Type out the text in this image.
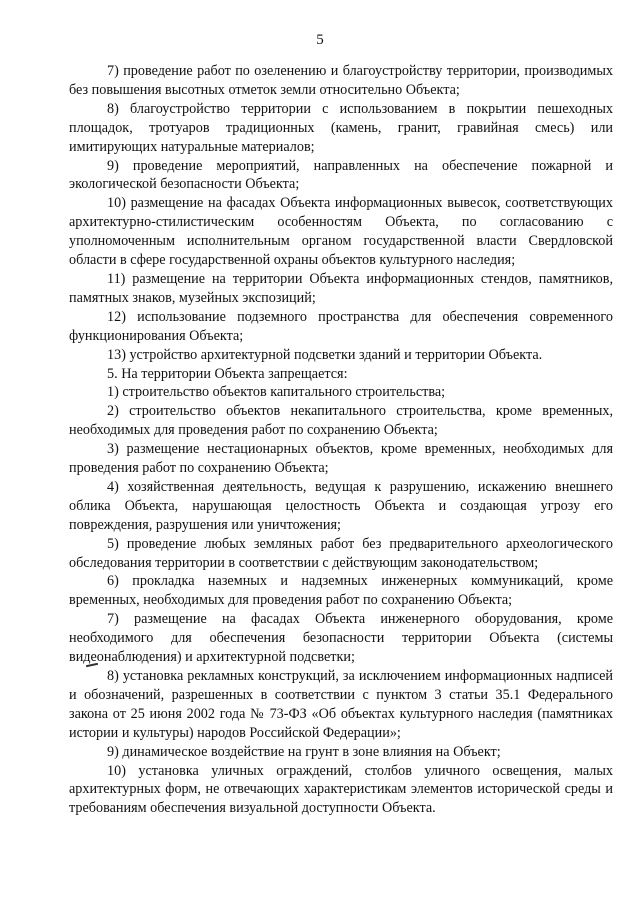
5

7) проведение работ по озеленению и благоустройству территории, производимых без повышения высотных отметок земли относительно Объекта;

8) благоустройство территории с использованием в покрытии пешеходных площадок, тротуаров традиционных (камень, гранит, гравийная смесь) или имитирующих натуральные материалов;

9) проведение мероприятий, направленных на обеспечение пожарной и экологической безопасности Объекта;

10) размещение на фасадах Объекта информационных вывесок, соответствующих архитектурно-стилистическим особенностям Объекта, по согласованию с уполномоченным исполнительным органом государственной власти Свердловской области в сфере государственной охраны объектов культурного наследия;

11) размещение на территории Объекта информационных стендов, памятников, памятных знаков, музейных экспозиций;

12) использование подземного пространства для обеспечения современного функционирования Объекта;

13) устройство архитектурной подсветки зданий и территории Объекта.

5. На территории Объекта запрещается:

1) строительство объектов капитального строительства;

2) строительство объектов некапитального строительства, кроме временных, необходимых для проведения работ по сохранению Объекта;

3) размещение нестационарных объектов, кроме временных, необходимых для проведения работ по сохранению Объекта;

4) хозяйственная деятельность, ведущая к разрушению, искажению внешнего облика Объекта, нарушающая целостность Объекта и создающая угрозу его повреждения, разрушения или уничтожения;

5) проведение любых земляных работ без предварительного археологического обследования территории в соответствии с действующим законодательством;

6) прокладка наземных и надземных инженерных коммуникаций, кроме временных, необходимых для проведения работ по сохранению Объекта;

7) размещение на фасадах Объекта инженерного оборудования, кроме необходимого для обеспечения безопасности территории Объекта (системы видеонаблюдения) и архитектурной подсветки;

8) установка рекламных конструкций, за исключением информационных надписей и обозначений, разрешенных в соответствии с пунктом 3 статьи 35.1 Федерального закона от 25 июня 2002 года № 73-ФЗ «Об объектах культурного наследия (памятниках истории и культуры) народов Российской Федерации»;

9) динамическое воздействие на грунт в зоне влияния на Объект;

10) установка уличных ограждений, столбов уличного освещения, малых архитектурных форм, не отвечающих характеристикам элементов исторической среды и требованиям обеспечения визуальной доступности Объекта.
